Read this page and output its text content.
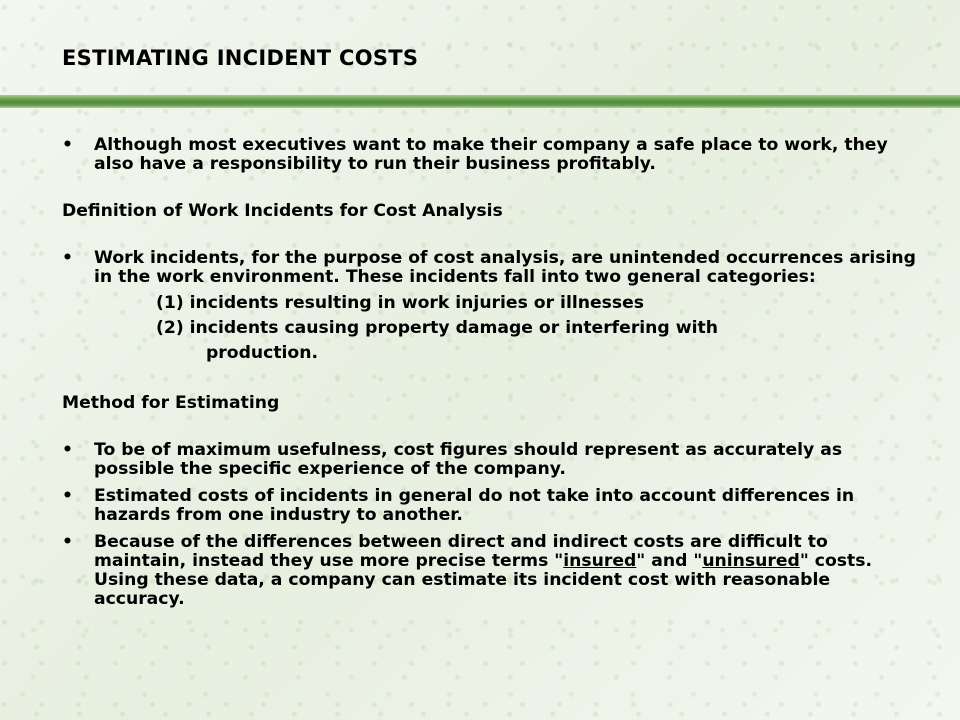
ESTIMATING INCIDENT COSTS

•	Although most executives want to make their company a safe place to work, they also have a responsibility to run their business profitably.

Definition of Work Incidents for Cost Analysis

•	Work incidents, for the purpose of cost analysis, are unintended occurrences arising in the work environment. These incidents fall into two general categories:

(1) incidents resulting in work injuries or illnesses

(2) incidents causing property damage or interfering with

production.

Method for Estimating

•	To be of maximum usefulness, cost figures should represent as accurately as possible the specific experience of the company.

•	Estimated costs of incidents in general do not take into account differences in hazards from one industry to another.

•	Because of the differences between direct and indirect costs are difficult to maintain, instead they use more precise terms "insured" and "uninsured" costs. Using these data, a company can estimate its incident cost with reasonable accuracy.
